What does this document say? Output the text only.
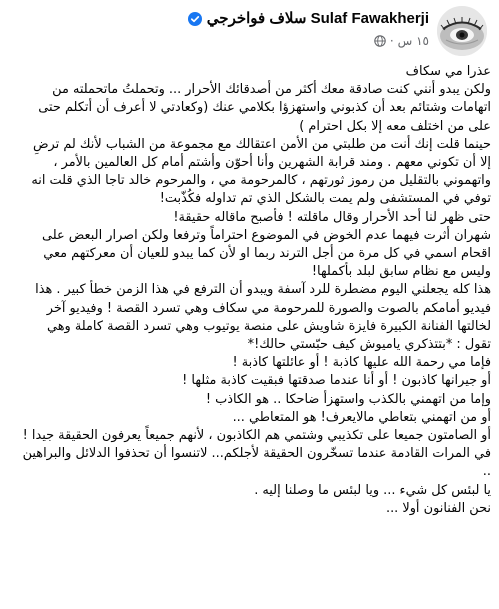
سلاف فواخرجي Sulaf Fawakherji
١٥ س
·

عذرا مي سكاف

ولكن يبدو أنني كنت صادقة معك أكثر من أصدقائك الأحرار ... وتحملتُ ماتحملته من اتهامات وشتائم بعد أن كذبوني واستهزؤا بكلامي عنك (وكعادتي لا أعرف أن أتكلم حتى على من اختلف معه إلا بكل احترام )

حينما قلت إنك أنت من طلبتي من الأمن اعتقالك مع مجموعة من الشباب لأنك لم ترضِ إلا أن تكوني معهم . ومند قرابة الشهرين وأنا أحوّن وأشتم أمام كل العالمين بالأمر ، واتهموني بالتقليل من رموز ثورتهم ، كالمرحومة مي ، والمرحوم خالد تاجا الذي قلت انه توفي في المستشفى ولم يمت بالشكل الذي تم تداوله فكُذّبت!

حتى ظهر لنا أحد الأحرار وقال ماقلته ! فأصبح ماقاله حقيقة!

شهران أثرت فيهما عدم الخوض في الموضوع احتراماً وترفعا ولكن اصرار البعض على اقحام اسمي في كل مرة من أجل الترند ربما او لأن كما يبدو للعيان أن معركتهم معي وليس مع نظام سابق لبلد بأكملها!

هذا كله يجعلني اليوم مضطرة للرد آسفة ويبدو أن الترفع في هذا الزمن خطأ كبير . هذا فيديو أمامكم بالصوت والصورة للمرحومة مي سكاف وهي تسرد القصة ! وفيديو آخر لخالتها الفنانة الكبيرة فايزة شاويش على منصة يوتيوب وهي تسرد القصة كاملة وهي تقول : *بتتذكري ياميوش كيف حبّستي حالك!*

فإما مي رحمة الله عليها كاذبة ! أو عائلتها كاذبة !

أو جيرانها كاذبون ! أو أنا عندما صدقتها فبقيت كاذبة مثلها !

وإما من اتهمني بالكذب واستهزأ ضاحكا .. هو الكاذب !

أو من اتهمني بتعاطي مالايعرف! هو المتعاطي ...

أو الصامتون جميعا على تكذيبي وشتمي هم الكاذبون ، لأنهم جميعاً يعرفون الحقيقة جيدا !

في المرات القادمة عندما تسخّرون الحقيقة لأجلكم... لاتنسوا أن تحذفوا الدلائل والبراهين ..

يا لبئس كل شيء ... ويا لبئس ما وصلنا إليه .

نحن الفنانون أولا ...
